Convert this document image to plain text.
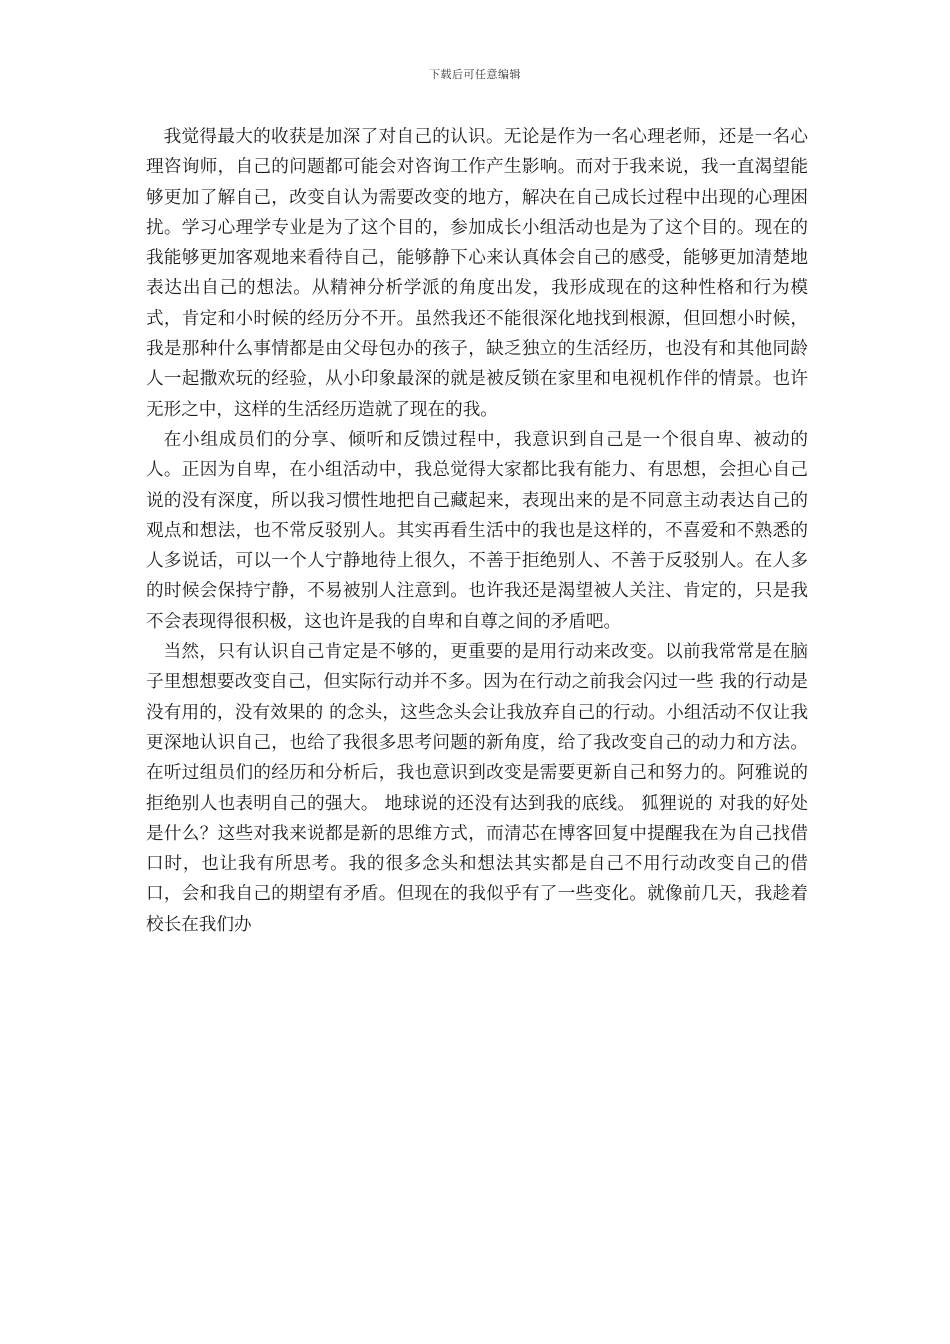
下载后可任意编辑

我觉得最大的收获是加深了对自己的认识。无论是作为一名心理老师，还是一名心理咨询师，自己的问题都可能会对咨询工作产生影响。而对于我来说，我一直渴望能够更加了解自己，改变自认为需要改变的地方，解决在自己成长过程中出现的心理困扰。学习心理学专业是为了这个目的，参加成长小组活动也是为了这个目的。现在的我能够更加客观地来看待自己，能够静下心来认真体会自己的感受，能够更加清楚地表达出自己的想法。从精神分析学派的角度出发，我形成现在的这种性格和行为模式，肯定和小时候的经历分不开。虽然我还不能很深化地找到根源，但回想小时候，我是那种什么事情都是由父母包办的孩子，缺乏独立的生活经历，也没有和其他同龄人一起撒欢玩的经验，从小印象最深的就是被反锁在家里和电视机作伴的情景。也许无形之中，这样的生活经历造就了现在的我。

在小组成员们的分享、倾听和反馈过程中，我意识到自己是一个很自卑、被动的人。正因为自卑，在小组活动中，我总觉得大家都比我有能力、有思想，会担心自己说的没有深度，所以我习惯性地把自己藏起来，表现出来的是不同意主动表达自己的观点和想法，也不常反驳别人。其实再看生活中的我也是这样的，不喜爱和不熟悉的人多说话，可以一个人宁静地待上很久，不善于拒绝别人、不善于反驳别人。在人多的时候会保持宁静，不易被别人注意到。也许我还是渴望被人关注、肯定的，只是我不会表现得很积极，这也许是我的自卑和自尊之间的矛盾吧。

当然，只有认识自己肯定是不够的，更重要的是用行动来改变。以前我常常是在脑子里想想要改变自己，但实际行动并不多。因为在行动之前我会闪过一些 我的行动是没有用的，没有效果的 的念头，这些念头会让我放弃自己的行动。小组活动不仅让我更深地认识自己，也给了我很多思考问题的新角度，给了我改变自己的动力和方法。在听过组员们的经历和分析后，我也意识到改变是需要更新自己和努力的。阿雅说的 拒绝别人也表明自己的强大。 地球说的还没有达到我的底线。 狐狸说的 对我的好处是什么？这些对我来说都是新的思维方式，而清芯在博客回复中提醒我在为自己找借口时，也让我有所思考。我的很多念头和想法其实都是自己不用行动改变自己的借口，会和我自己的期望有矛盾。但现在的我似乎有了一些变化。就像前几天，我趁着校长在我们办
